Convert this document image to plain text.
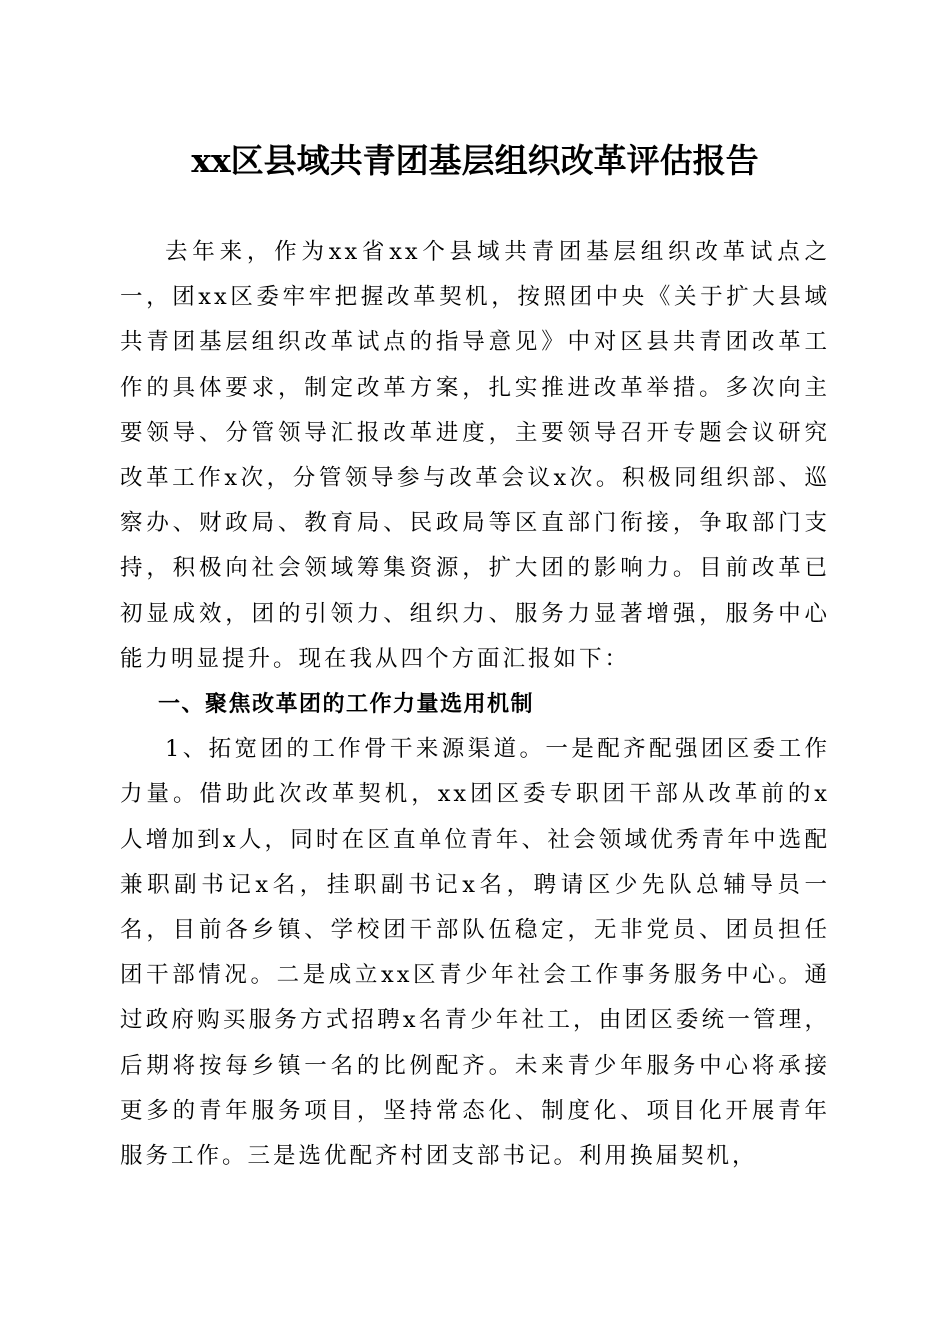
xx区县域共青团基层组织改革评估报告

去年来，作为xx省xx个县域共青团基层组织改革试点之一，团xx区委牢牢把握改革契机，按照团中央《关于扩大县域共青团基层组织改革试点的指导意见》中对区县共青团改革工作的具体要求，制定改革方案，扎实推进改革举措。多次向主要领导、分管领导汇报改革进度，主要领导召开专题会议研究改革工作x次，分管领导参与改革会议x次。积极同组织部、巡察办、财政局、教育局、民政局等区直部门衔接，争取部门支持，积极向社会领域筹集资源，扩大团的影响力。目前改革已初显成效，团的引领力、组织力、服务力显著增强，服务中心能力明显提升。现在我从四个方面汇报如下：

一、聚焦改革团的工作力量选用机制

1、拓宽团的工作骨干来源渠道。一是配齐配强团区委工作力量。借助此次改革契机，xx团区委专职团干部从改革前的x人增加到x人，同时在区直单位青年、社会领域优秀青年中选配兼职副书记x名，挂职副书记x名，聘请区少先队总辅导员一名，目前各乡镇、学校团干部队伍稳定，无非党员、团员担任团干部情况。二是成立xx区青少年社会工作事务服务中心。通过政府购买服务方式招聘x名青少年社工，由团区委统一管理，后期将按每乡镇一名的比例配齐。未来青少年服务中心将承接更多的青年服务项目，坚持常态化、制度化、项目化开展青年服务工作。三是选优配齐村团支部书记。利用换届契机，
